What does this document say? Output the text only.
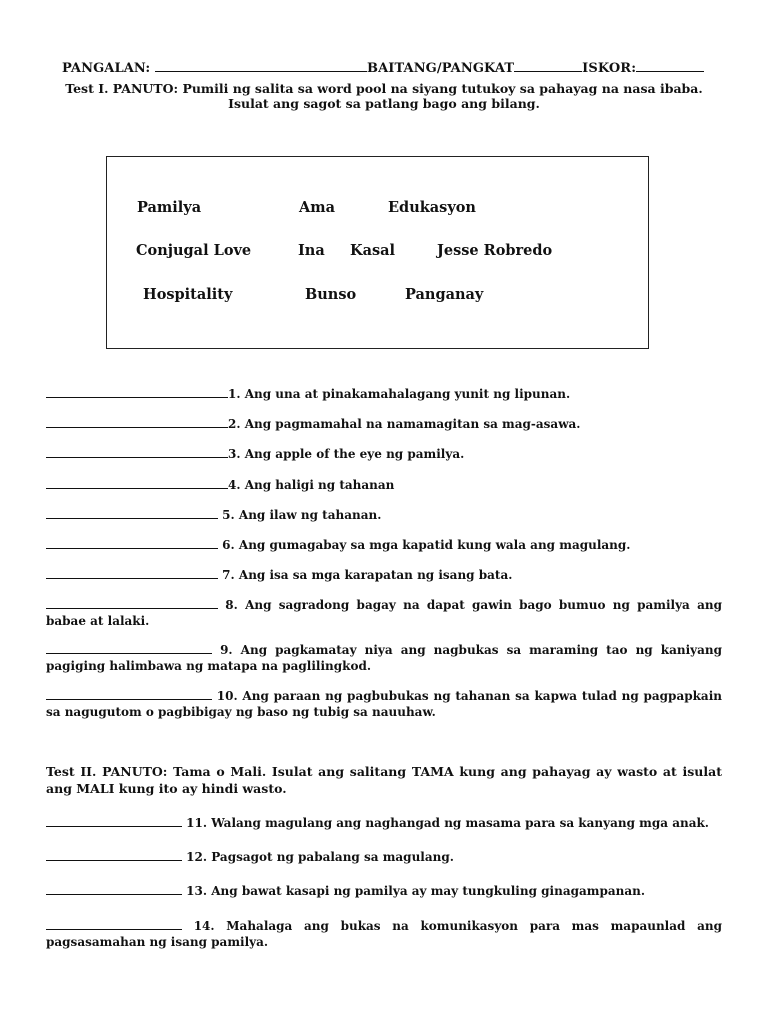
PANGALAN:	BAITANG/PANGKAT	ISKOR:
Test I. PANUTO: Pumili ng salita sa word pool na siyang tutukoy sa pahayag na nasa ibaba. Isulat ang sagot sa patlang bago ang bilang.
Pamilya	Ama	Edukasyon
Conjugal Love	Ina Kasal	Jesse Robredo
Hospitality	Bunso	Panganay
1. Ang una at pinakamahalagang yunit ng lipunan.
2. Ang pagmamahal na namamagitan sa mag-asawa.
3. Ang apple of the eye ng pamilya.
4. Ang haligi ng tahanan
5. Ang ilaw ng tahanan.
6. Ang gumagabay sa mga kapatid kung wala ang magulang.
7. Ang isa sa mga karapatan ng isang bata.
8. Ang sagradong bagay na dapat gawin bago bumuo ng pamilya ang babae at lalaki.
9. Ang pagkamatay niya ang nagbukas sa maraming tao ng kaniyang pagiging halimbawa ng matapa na paglilingkod.
10. Ang paraan ng pagbubukas ng tahanan sa kapwa tulad ng pagpapkain sa nagugutom o pagbibigay ng baso ng tubig sa nauuhaw.
Test II. PANUTO: Tama o Mali. Isulat ang salitang TAMA kung ang pahayag ay wasto at isulat ang MALI kung ito ay hindi wasto.
11. Walang magulang ang naghangad ng masama para sa kanyang mga anak.
12. Pagsagot ng pabalang sa magulang.
13. Ang bawat kasapi ng pamilya ay may tungkuling ginagampanan.
14. Mahalaga ang bukas na komunikasyon para mas mapaunlad ang pagsasamahan ng isang pamilya.
